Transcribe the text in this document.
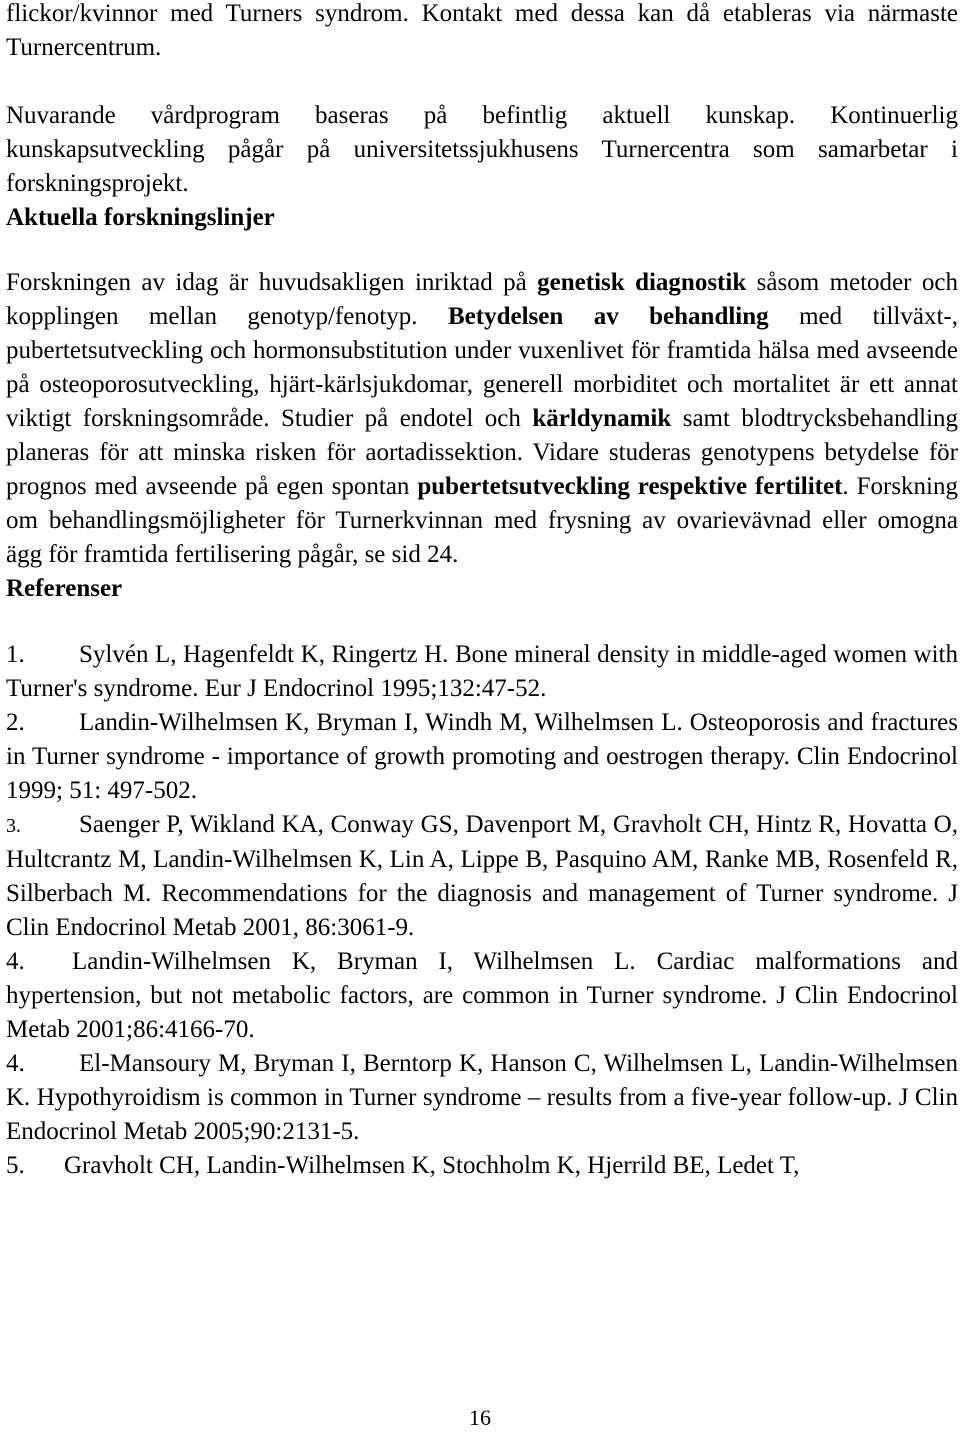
flickor/kvinnor med Turners syndrom. Kontakt med dessa kan då etableras via närmaste Turnercentrum.

Nuvarande vårdprogram baseras på befintlig aktuell kunskap. Kontinuerlig kunskapsutveckling pågår på universitetssjukhusens Turnercentra som samarbetar i forskningsprojekt.

Aktuella forskningslinjer

Forskningen av idag är huvudsakligen inriktad på genetisk diagnostik såsom metoder och kopplingen mellan genotyp/fenotyp. Betydelsen av behandling med tillväxt-, pubertetsutveckling och hormonsubstitution under vuxenlivet för framtida hälsa med avseende på osteoporosutveckling, hjärt-kärlsjukdomar, generell morbiditet och mortalitet är ett annat viktigt forskningsområde. Studier på endotel och kärldynamik samt blodtrycksbehandling planeras för att minska risken för aortadissektion. Vidare studeras genotypens betydelse för prognos med avseende på egen spontan pubertetsutveckling respektive fertilitet. Forskning om behandlingsmöjligheter för Turnerkvinnan med frysning av ovarievävnad eller omogna ägg för framtida fertilisering pågår, se sid 24.

Referenser

1. Sylvén L, Hagenfeldt K, Ringertz H. Bone mineral density in middle-aged women with Turner's syndrome. Eur J Endocrinol 1995;132:47-52.

2. Landin-Wilhelmsen K, Bryman I, Windh M, Wilhelmsen L. Osteoporosis and fractures in Turner syndrome - importance of growth promoting and oestrogen therapy. Clin Endocrinol 1999; 51: 497-502.

3. Saenger P, Wikland KA, Conway GS, Davenport M, Gravholt CH, Hintz R, Hovatta O, Hultcrantz M, Landin-Wilhelmsen K, Lin A, Lippe B, Pasquino AM, Ranke MB, Rosenfeld R, Silberbach M. Recommendations for the diagnosis and management of Turner syndrome. J Clin Endocrinol Metab 2001, 86:3061-9.

4. Landin-Wilhelmsen K, Bryman I, Wilhelmsen L. Cardiac malformations and hypertension, but not metabolic factors, are common in Turner syndrome. J Clin Endocrinol Metab 2001;86:4166-70.

4. El-Mansoury M, Bryman I, Berntorp K, Hanson C, Wilhelmsen L, Landin-Wilhelmsen K. Hypothyroidism is common in Turner syndrome – results from a five-year follow-up. J Clin Endocrinol Metab 2005;90:2131-5.

5. Gravholt CH, Landin-Wilhelmsen K, Stochholm K, Hjerrild BE, Ledet T,

16
